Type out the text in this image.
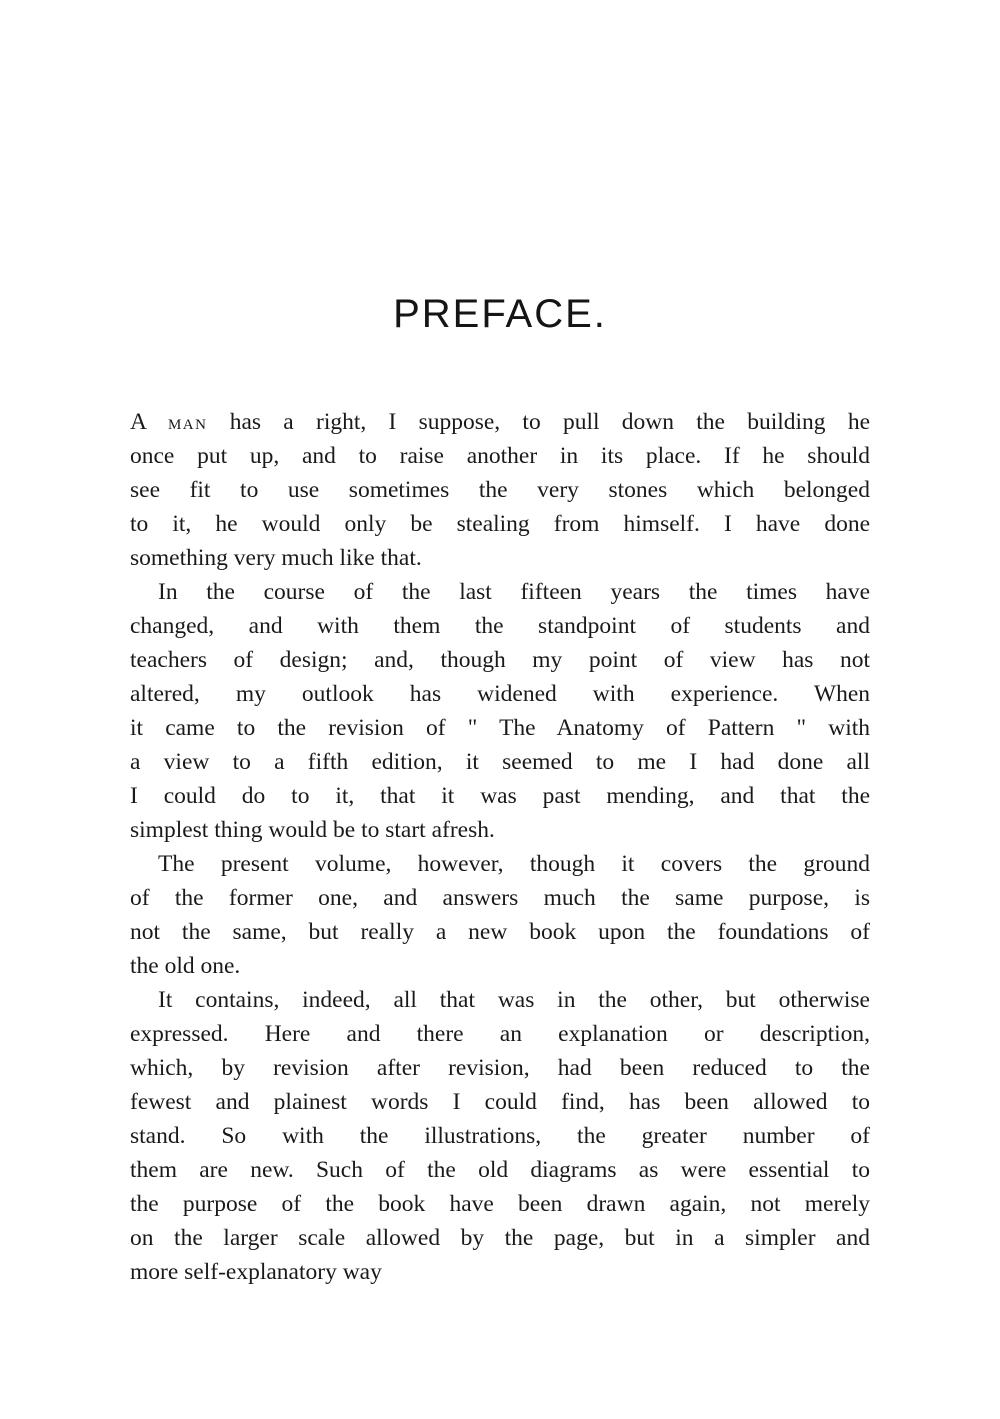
PREFACE.
A MAN has a right, I suppose, to pull down the building he
once put up, and to raise another in its place. If he should
see fit to use sometimes the very stones which belonged
to it, he would only be stealing from himself. I have done
something very much like that.
In the course of the last fifteen years the times have
changed, and with them the standpoint of students and
teachers of design; and, though my point of view has not
altered, my outlook has widened with experience. When
it came to the revision of " The Anatomy of Pattern " with
a view to a fifth edition, it seemed to me I had done all
I could do to it, that it was past mending, and that the
simplest thing would be to start afresh.
The present volume, however, though it covers the ground
of the former one, and answers much the same purpose, is
not the same, but really a new book upon the foundations of
the old one.
It contains, indeed, all that was in the other, but otherwise
expressed. Here and there an explanation or description,
which, by revision after revision, had been reduced to the
fewest and plainest words I could find, has been allowed to
stand. So with the illustrations, the greater number of
them are new. Such of the old diagrams as were essential to
the purpose of the book have been drawn again, not merely
on the larger scale allowed by the page, but in a simpler and
more self-explanatory way
